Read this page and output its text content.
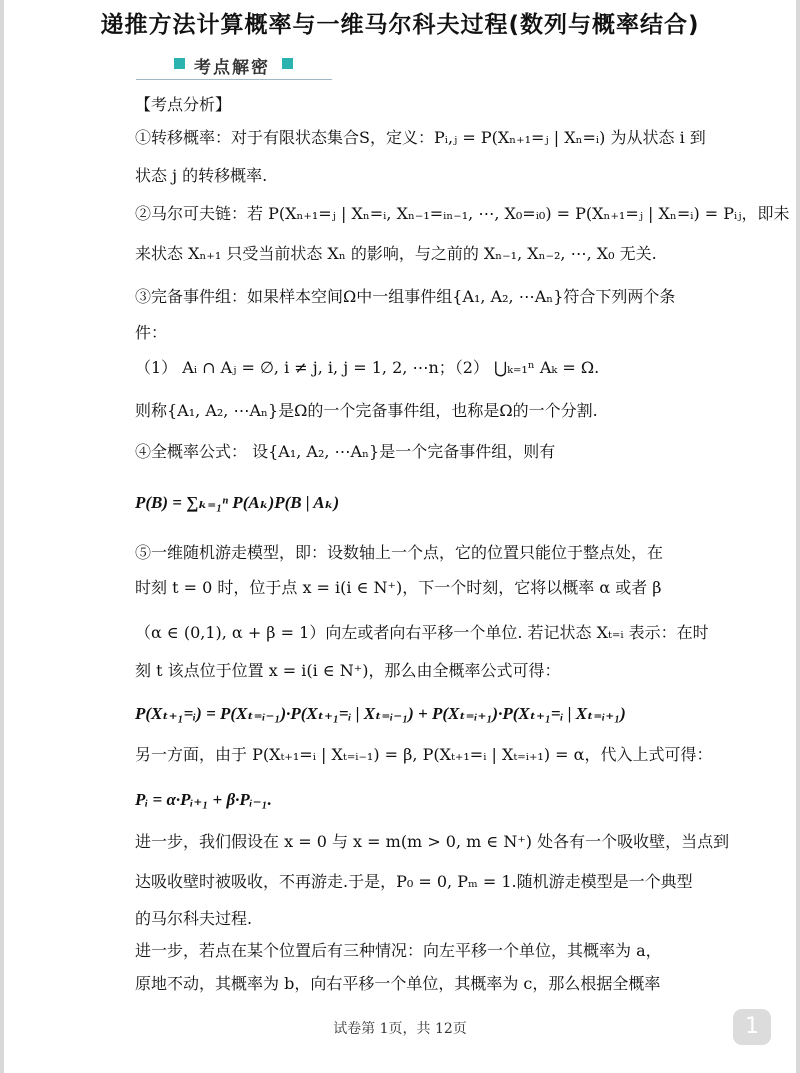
递推方法计算概率与一维马尔科夫过程(数列与概率结合)
考点解密
【考点分析】
①转移概率：对于有限状态集合S，定义：Pᵢ,ⱼ = P(Xₙ₊₁=ⱼ | Xₙ=ᵢ) 为从状态 i 到
状态 j 的转移概率.
②马尔可夫链：若 P(Xₙ₊₁=ⱼ | Xₙ=ᵢ, Xₙ₋₁=ᵢₙ₋₁, ⋯, X₀=ᵢ₀) = P(Xₙ₊₁=ⱼ | Xₙ=ᵢ) = Pᵢⱼ，即未
来状态 Xₙ₊₁ 只受当前状态 Xₙ 的影响，与之前的 Xₙ₋₁, Xₙ₋₂, ⋯, X₀ 无关.
③完备事件组：如果样本空间Ω中一组事件组{A₁, A₂, ⋯Aₙ}符合下列两个条
件：
（1） Aᵢ ∩ Aⱼ = ∅, i ≠ j, i, j = 1, 2, ⋯n；（2） ⋃ₖ₌₁ⁿ Aₖ = Ω.
则称{A₁, A₂, ⋯Aₙ}是Ω的一个完备事件组，也称是Ω的一个分割.
④全概率公式： 设{A₁, A₂, ⋯Aₙ}是一个完备事件组，则有
P(B) = ∑ₖ₌₁ⁿ P(Aₖ)P(B | Aₖ)
⑤一维随机游走模型，即：设数轴上一个点，它的位置只能位于整点处，在
时刻 t = 0 时，位于点 x = i(i ∈ N⁺)，下一个时刻，它将以概率 α 或者 β
（α ∈ (0,1), α + β = 1）向左或者向右平移一个单位. 若记状态 Xₜ₌ᵢ 表示：在时
刻 t 该点位于位置 x = i(i ∈ N⁺)，那么由全概率公式可得：
P(Xₜ₊₁=ᵢ) = P(Xₜ₌ᵢ₋₁)·P(Xₜ₊₁=ᵢ | Xₜ₌ᵢ₋₁) + P(Xₜ₌ᵢ₊₁)·P(Xₜ₊₁=ᵢ | Xₜ₌ᵢ₊₁)
另一方面，由于 P(Xₜ₊₁=ᵢ | Xₜ₌ᵢ₋₁) = β, P(Xₜ₊₁=ᵢ | Xₜ₌ᵢ₊₁) = α，代入上式可得：
Pᵢ = α·Pᵢ₊₁ + β·Pᵢ₋₁.
进一步，我们假设在 x = 0 与 x = m(m > 0, m ∈ N⁺) 处各有一个吸收壁，当点到
达吸收壁时被吸收，不再游走.于是，P₀ = 0, Pₘ = 1.随机游走模型是一个典型
的马尔科夫过程.
进一步，若点在某个位置后有三种情况：向左平移一个单位，其概率为 a，
原地不动，其概率为 b，向右平移一个单位，其概率为 c，那么根据全概率
试卷第 1页，共 12页	1
